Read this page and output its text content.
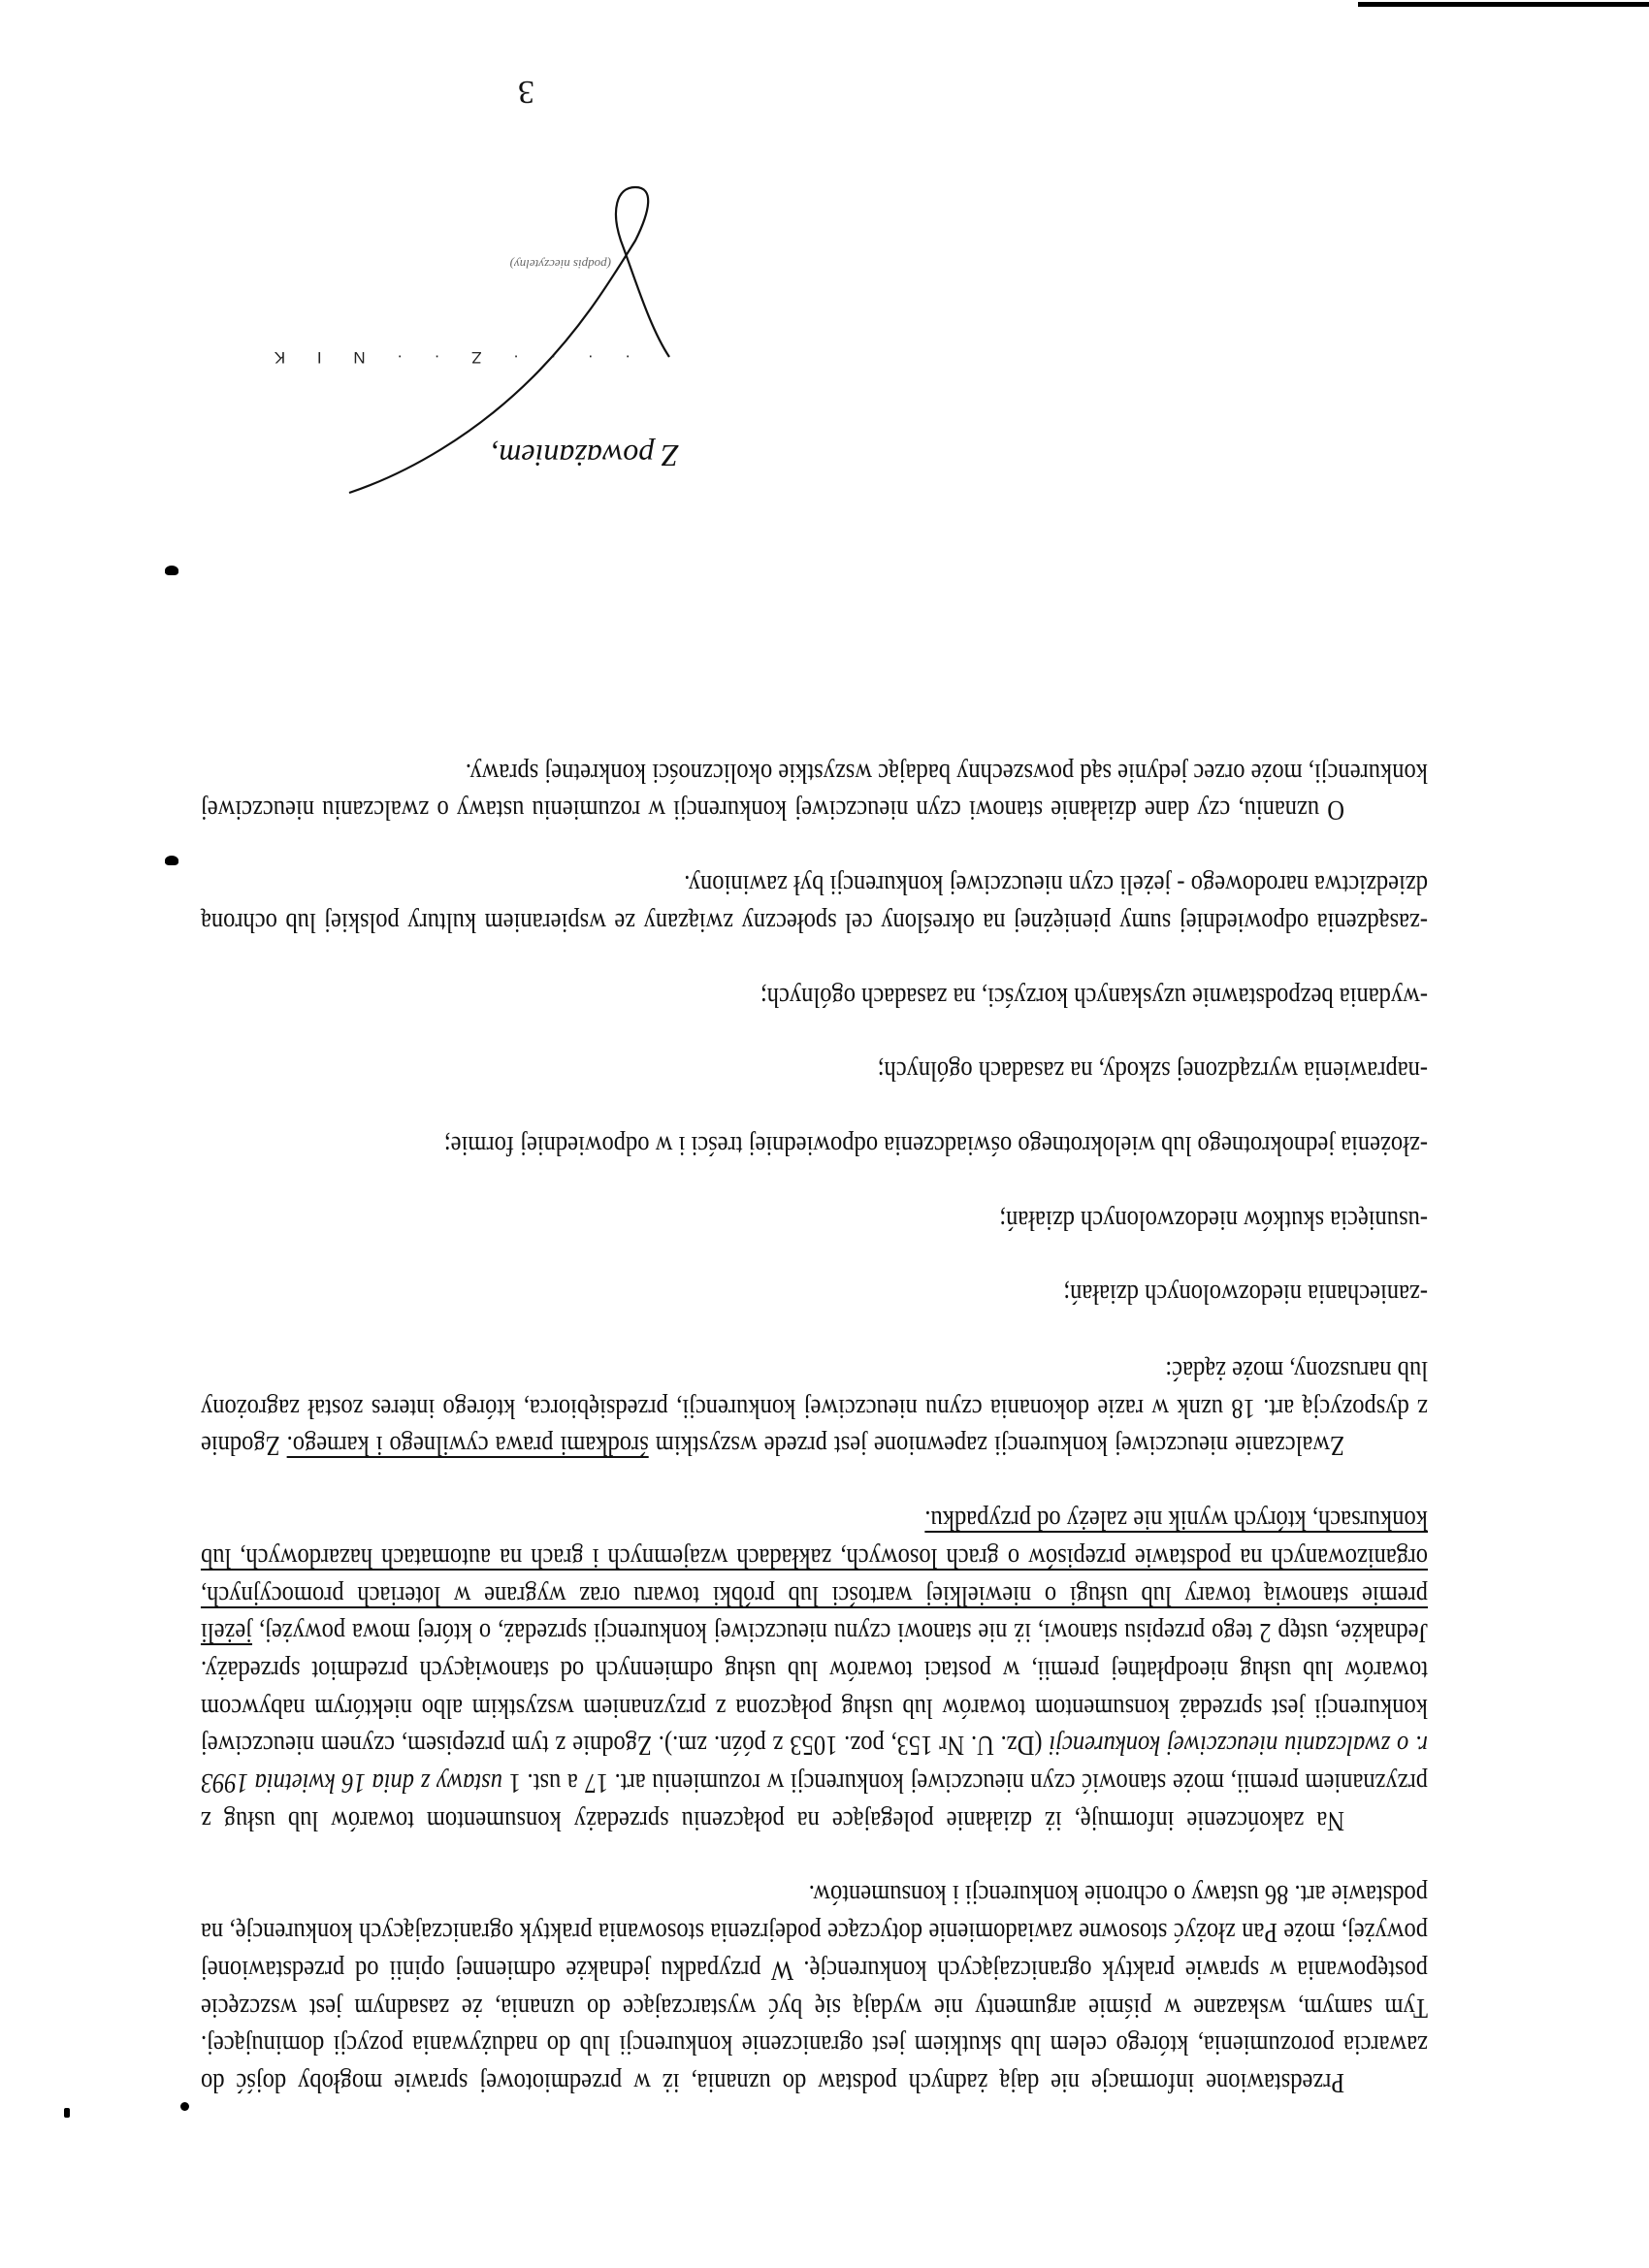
Przedstawione informacje nie dają żadnych podstaw do uznania, iż w przedmiotowej sprawie mogłoby dojść do zawarcia porozumienia, którego celem lub skutkiem jest ograniczenie konkurencji lub do nadużywania pozycji dominującej. Tym samym, wskazane w piśmie argumenty nie wydają się być wystarczające do uznania, że zasadnym jest wszczęcie postępowania w sprawie praktyk ograniczających konkurencję. W przypadku jednakże odmiennej opinii od przedstawionej powyżej, może Pan złożyć stosowne zawiadomienie dotyczące podejrzenia stosowania praktyk ograniczających konkurencję, na podstawie art. 86 ustawy o ochronie konkurencji i konsumentów.

Na zakończenie informuję, iż działanie polegające na połączeniu sprzedaży konsumentom towarów lub usług z przyznaniem premii, może stanowić czyn nieuczciwej konkurencji w rozumieniu art. 17 a ust. 1 ustawy z dnia 16 kwietnia 1993 r. o zwalczaniu nieuczciwej konkurencji (Dz. U. Nr 153, poz. 1053 z późn. zm.). Zgodnie z tym przepisem, czynem nieuczciwej konkurencji jest sprzedaż konsumentom towarów lub usług połączona z przyznaniem wszystkim albo niektórym nabywcom towarów lub usług nieodpłatnej premii, w postaci towarów lub usług odmiennych od stanowiących przedmiot sprzedaży. Jednakże, ustęp 2 tego przepisu stanowi, iż nie stanowi czynu nieuczciwej konkurencji sprzedaż, o której mowa powyżej, jeżeli premie stanowią towary lub usługi o niewielkiej wartości lub próbki towaru oraz wygrane w loteriach promocyjnych, organizowanych na podstawie przepisów o grach losowych, zakładach wzajemnych i grach na automatach hazardowych, lub konkursach, których wynik nie zależy od przypadku.

Zwalczanie nieuczciwej konkurencji zapewnione jest przede wszystkim środkami prawa cywilnego i karnego. Zgodnie z dyspozycją art. 18 uznk w razie dokonania czynu nieuczciwej konkurencji, przedsiębiorca, którego interes został zagrożony lub naruszony, może żądać:

-zaniechania niedozwolonych działań;

-usunięcia skutków niedozwolonych działań;

-złożenia jednokrotnego lub wielokrotnego oświadczenia odpowiedniej treści i w odpowiedniej formie;

-naprawienia wyrządzonej szkody, na zasadach ogólnych;

-wydania bezpodstawnie uzyskanych korzyści, na zasadach ogólnych;

-zasądzenia odpowiedniej sumy pieniężnej na określony cel społeczny związany ze wspieraniem kultury polskiej lub ochroną dziedzictwa narodowego - jeżeli czyn nieuczciwej konkurencji był zawiniony.

O uznaniu, czy dane działanie stanowi czyn nieuczciwej konkurencji w rozumieniu ustawy o zwalczaniu nieuczciwej konkurencji, może orzec jedynie sąd powszechny badając wszystkie okoliczności konkretnej sprawy.

Z poważaniem,
· · · · Z · · N I K
(podpis nieczytelny)
3
